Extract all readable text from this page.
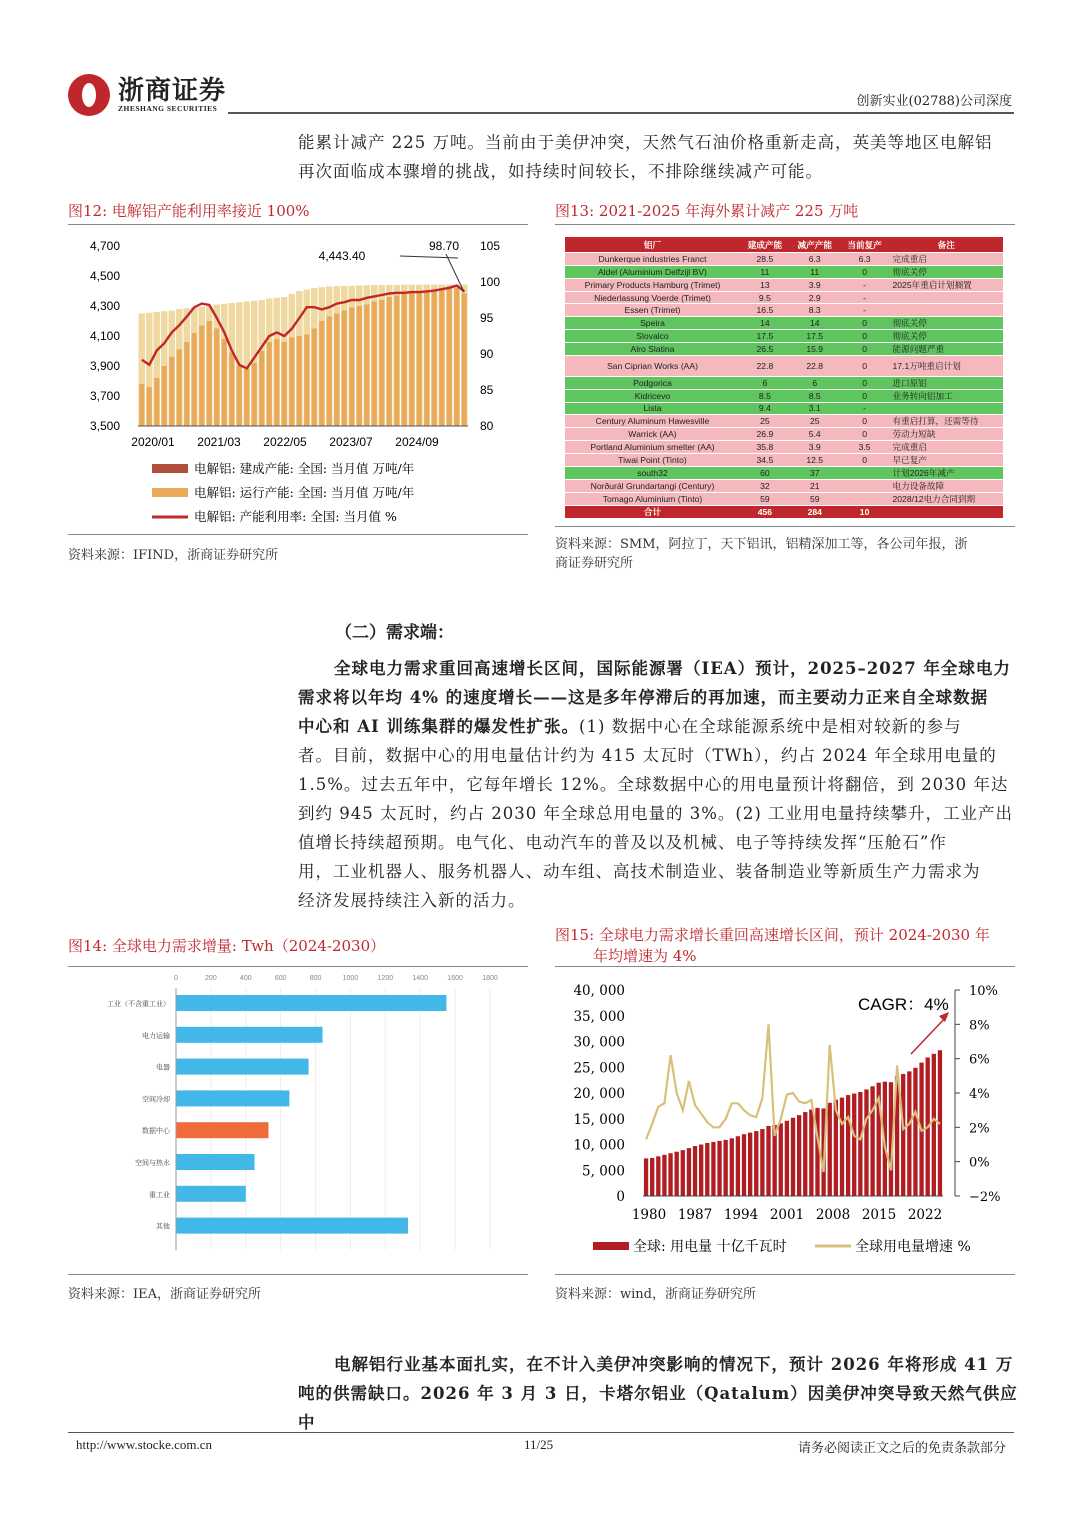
浙商证券
ZHESHANG SECURITIES	创新实业(02788)公司深度
能累计减产 225 万吨。当前由于美伊冲突，天然气石油价格重新走高，英美等地区电解铝
再次面临成本骤增的挑战，如持续时间较长，不排除继续减产可能。
图12: 电解铝产能利用率接近 100%
4,700
4,500
4,300
4,100
3,900
3,700
3,500
105
100
95
90
85
80
2020/01 2021/03 2022/05 2023/07 2024/09
4,443.40
98.70
电解铝: 建成产能: 全国: 当月值 万吨/年
电解铝: 运行产能: 全国: 当月值 万吨/年
电解铝: 产能利用率: 全国: 当月值 %
资料来源：IFIND，浙商证券研究所
图13: 2021-2025 年海外累计减产 225 万吨
铝厂	建成产能	减产产能	当前复产	备注
Dunkerque industries Franct	28.5	6.3	6.3	完成重启
Aldel (Aluminium Delfzijl BV)	11	11	0	彻底关停
Primary Products Hamburg (Trimet)	13	3.9	-	2025年重启计划搁置
Niederlassung Voerde (Trimet)	9.5	2.9	-	
Essen (Trimet)	16.5	8.3	-	
Speira	14	14	0	彻底关停
Slovalco	17.5	17.5	0	彻底关停
Alro Slatina	26.5	15.9	0	能源问题严重
San Ciprian Works (AA)	22.8	22.8	0	17.1万吨重启计划
Podgorica	6	6	0	进口原铝
Kidricevo	8.5	8.5	0	业务转向铝加工
Lista	9.4	3.1	-	
Century Aluminum Hawesville	25	25	0	有重启打算，还需等待
Warrick (AA)	26.9	5.4	0	劳动力短缺
Portland Aluminium smelter (AA)	35.8	3.9	3.5	完成重启
Tiwai Point (Tinto)	34.5	12.5	0	早已复产
south32	60	37		计划2026年减产
Norðurál Grundartangi (Century)	32	21		电力设备故障
Tomago Aluminium (Tinto)	59	59		2028/12电力合同到期
合计	456	284	10	
资料来源：SMM，阿拉丁，天下铝讯，铝精深加工等，各公司年报，浙
商证券研究所
（二）需求端：
全球电力需求重回高速增长区间，国际能源署（IEA）预计，2025–2027 年全球电力
需求将以年均 4% 的速度增长——这是多年停滞后的再加速，而主要动力正来自全球数据
中心和 AI 训练集群的爆发性扩张。(1) 数据中心在全球能源系统中是相对较新的参与
者。目前，数据中心的用电量估计约为 415 太瓦时（TWh），约占 2024 年全球用电量的
1.5%。过去五年中，它每年增长 12%。全球数据中心的用电量预计将翻倍，到 2030 年达
到约 945 太瓦时，约占 2030 年全球总用电量的 3%。(2) 工业用电量持续攀升，工业产出
值增长持续超预期。电气化、电动汽车的普及以及机械、电子等持续发挥“压舱石”作
用，工业机器人、服务机器人、动车组、高技术制造业、装备制造业等新质生产力需求为
经济发展持续注入新的活力。
图14: 全球电力需求增量: Twh（2024-2030）
0	200	400	600	800	1000	1200	1400	1600	1800
工业（不含重工业）
电力运输
电器
空间冷却
数据中心
空间与热水
重工业
其他
资料来源：IEA，浙商证券研究所
图15: 全球电力需求增长重回高速增长区间，预计 2024-2030 年
年均增速为 4%
40, 000
35, 000
30, 000
25, 000
20, 000
15, 000
10, 000
5, 000
0
10%
8%
6%
4%
2%
0%
−2%
1980 1987 1994 2001 2008 2015 2022
CAGR：4%
全球: 用电量 十亿千瓦时	全球用电量增速 %
资料来源：wind，浙商证券研究所
电解铝行业基本面扎实，在不计入美伊冲突影响的情况下，预计 2026 年将形成 41 万
吨的供需缺口。2026 年 3 月 3 日，卡塔尔铝业（Qatalum）因美伊冲突导致天然气供应中
http://www.stocke.com.cn	11/25	请务必阅读正文之后的免责条款部分
